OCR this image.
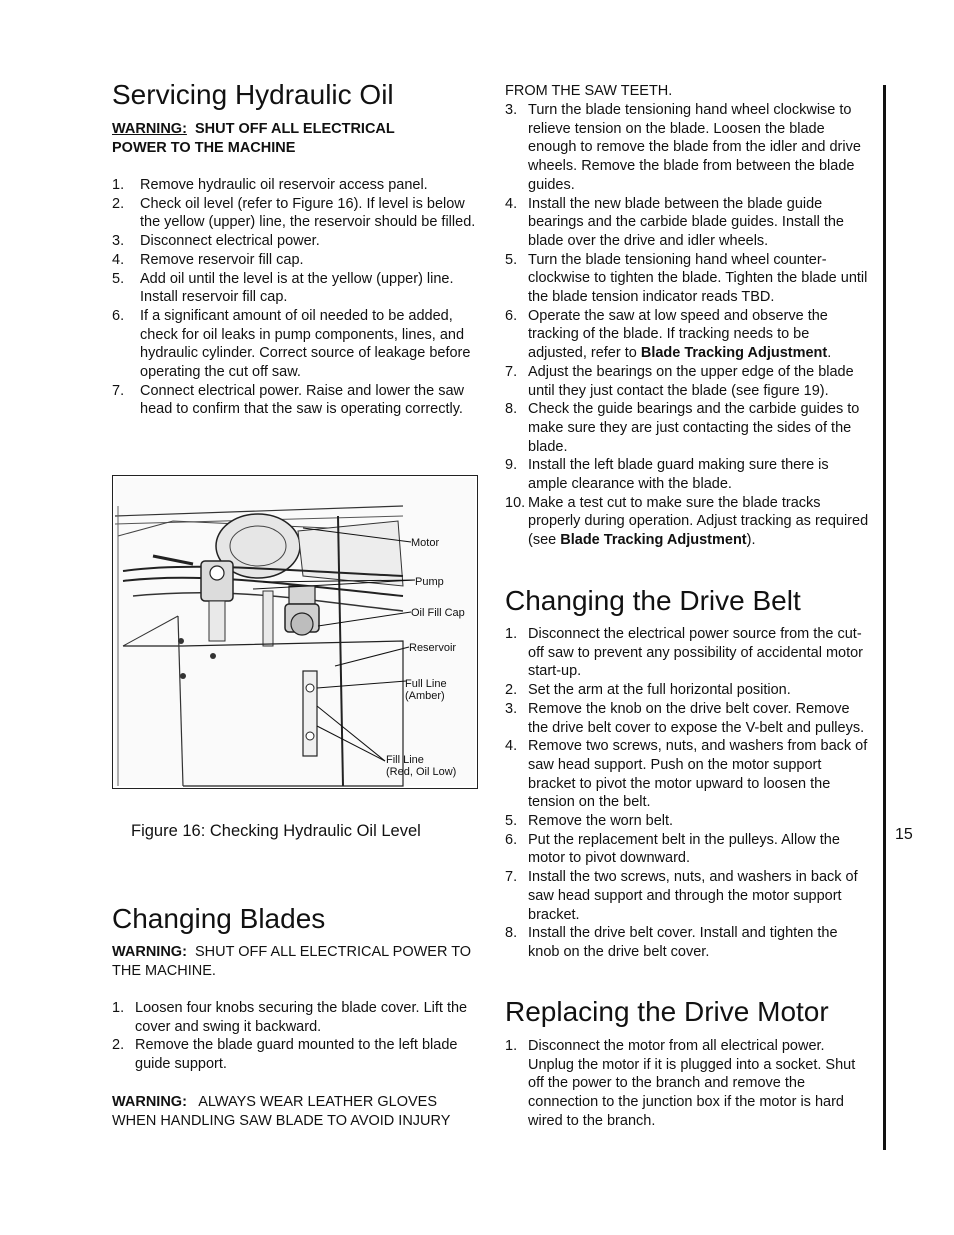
Servicing Hydraulic Oil
WARNING: SHUT OFF ALL ELECTRICAL POWER TO THE MACHINE
1. Remove hydraulic oil reservoir access panel.
2. Check oil level (refer to Figure 16). If level is below the yellow (upper) line, the reservoir should be filled.
3. Disconnect electrical power.
4. Remove reservoir fill cap.
5. Add oil until the level is at the yellow (upper) line. Install reservoir fill cap.
6. If a significant amount of oil needed to be added, check for oil leaks in pump components, lines, and hydraulic cylinder. Correct source of leakage before operating the cut off saw.
7. Connect electrical power. Raise and lower the saw head to confirm that the saw is operating correctly.
Motor
Pump
Oil Fill Cap
Reservoir
Full Line
(Amber)
Fill Line
(Red, Oil Low)
Figure 16: Checking Hydraulic Oil Level
Changing Blades
WARNING: SHUT OFF ALL ELECTRICAL POWER TO THE MACHINE.
1. Loosen four knobs securing the blade cover. Lift the cover and swing it backward.
2. Remove the blade guard mounted to the left blade guide support.
WARNING: ALWAYS WEAR LEATHER GLOVES WHEN HANDLING SAW BLADE TO AVOID INJURY

FROM THE SAW TEETH.

3. Turn the blade tensioning hand wheel clockwise to relieve tension on the blade. Loosen the blade enough to remove the blade from the idler and drive wheels. Remove the blade from between the blade guides.
4. Install the new blade between the blade guide bearings and the carbide blade guides. Install the blade over the drive and idler wheels.
5. Turn the blade tensioning hand wheel counter-clockwise to tighten the blade. Tighten the blade until the blade tension indicator reads TBD.
6. Operate the saw at low speed and observe the tracking of the blade. If tracking needs to be adjusted, refer to Blade Tracking Adjustment.
7. Adjust the bearings on the upper edge of the blade until they just contact the blade (see figure 19).
8. Check the guide bearings and the carbide guides to make sure they are just contacting the sides of the blade.
9. Install the left blade guard making sure there is ample clearance with the blade.
10. Make a test cut to make sure the blade tracks properly during operation. Adjust tracking as required (see Blade Tracking Adjustment).
Changing the Drive Belt
1. Disconnect the electrical power source from the cut-off saw to prevent any possibility of accidental motor start-up.
2. Set the arm at the full horizontal position.
3. Remove the knob on the drive belt cover. Remove the drive belt cover to expose the V-belt and pulleys.
4. Remove two screws, nuts, and washers from back of saw head support. Push on the motor support bracket to pivot the motor upward to loosen the tension on the belt.
5. Remove the worn belt.
6. Put the replacement belt in the pulleys. Allow the motor to pivot downward.
7. Install the two screws, nuts, and washers in back of saw head support and through the motor support bracket.
8. Install the drive belt cover. Install and tighten the knob on the drive belt cover.
Replacing the Drive Motor
1. Disconnect the motor from all electrical power. Unplug the motor if it is plugged into a socket. Shut off the power to the branch and remove the connection to the junction box if the motor is hard wired to the branch.
15
